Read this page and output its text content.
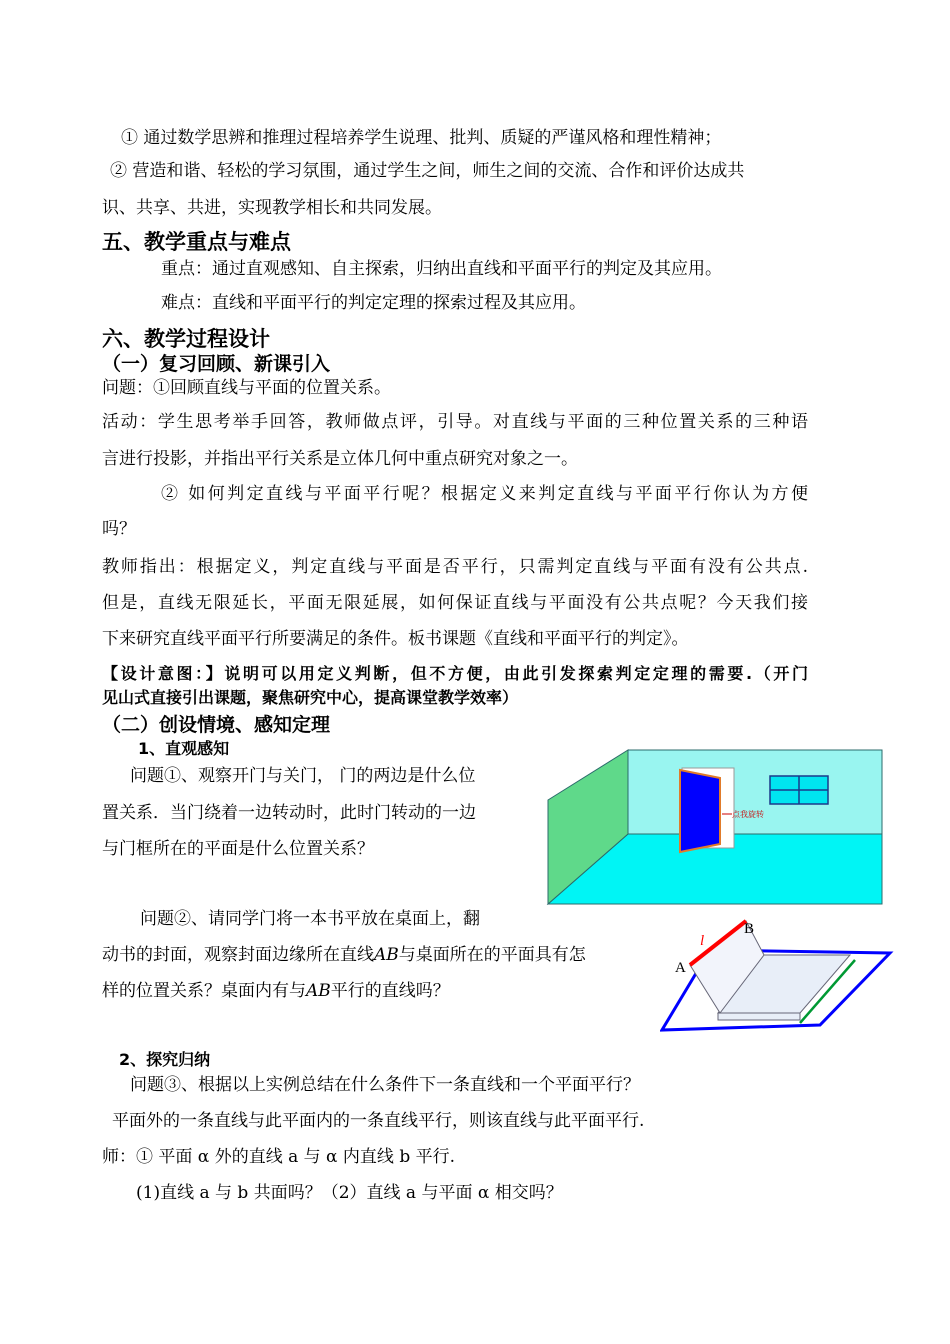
① 通过数学思辨和推理过程培养学生说理、批判、质疑的严谨风格和理性精神；
② 营造和谐、轻松的学习氛围，通过学生之间，师生之间的交流、合作和评价达成共
识、共享、共进，实现教学相长和共同发展。
五、教学重点与难点
重点：通过直观感知、自主探索，归纳出直线和平面平行的判定及其应用。
难点：直线和平面平行的判定定理的探索过程及其应用。
六、教学过程设计
（一）复习回顾、新课引入
问题：①回顾直线与平面的位置关系。
活动：学生思考举手回答，教师做点评，引导。对直线与平面的三种位置关系的三种语
言进行投影，并指出平行关系是立体几何中重点研究对象之一。
② 如何判定直线与平面平行呢？根据定义来判定直线与平面平行你认为方便
吗？
教师指出：根据定义，判定直线与平面是否平行，只需判定直线与平面有没有公共点.
但是，直线无限延长，平面无限延展，如何保证直线与平面没有公共点呢？今天我们接
下来研究直线平面平行所要满足的条件。板书课题《直线和平面平行的判定》。
【设计意图：】说明可以用定义判断，但不方便，由此引发探索判定定理的需要.（开门
见山式直接引出课题，聚焦研究中心，提高课堂教学效率）
（二）创设情境、感知定理
1、直观感知
问题①、观察开门与关门， 门的两边是什么位
置关系．当门绕着一边转动时，此时门转动的一边
与门框所在的平面是什么位置关系？
点我旋转
问题②、请同学门将一本书平放在桌面上，翻
动书的封面，观察封面边缘所在直线AB与桌面所在的平面具有怎
样的位置关系？桌面内有与AB平行的直线吗？
A
B
l
2、探究归纳
问题③、根据以上实例总结在什么条件下一条直线和一个平面平行？
平面外的一条直线与此平面内的一条直线平行，则该直线与此平面平行.
师：① 平面 α 外的直线 a 与 α 内直线 b 平行.
(1)直线 a 与 b 共面吗？（2）直线 a 与平面 α 相交吗？
